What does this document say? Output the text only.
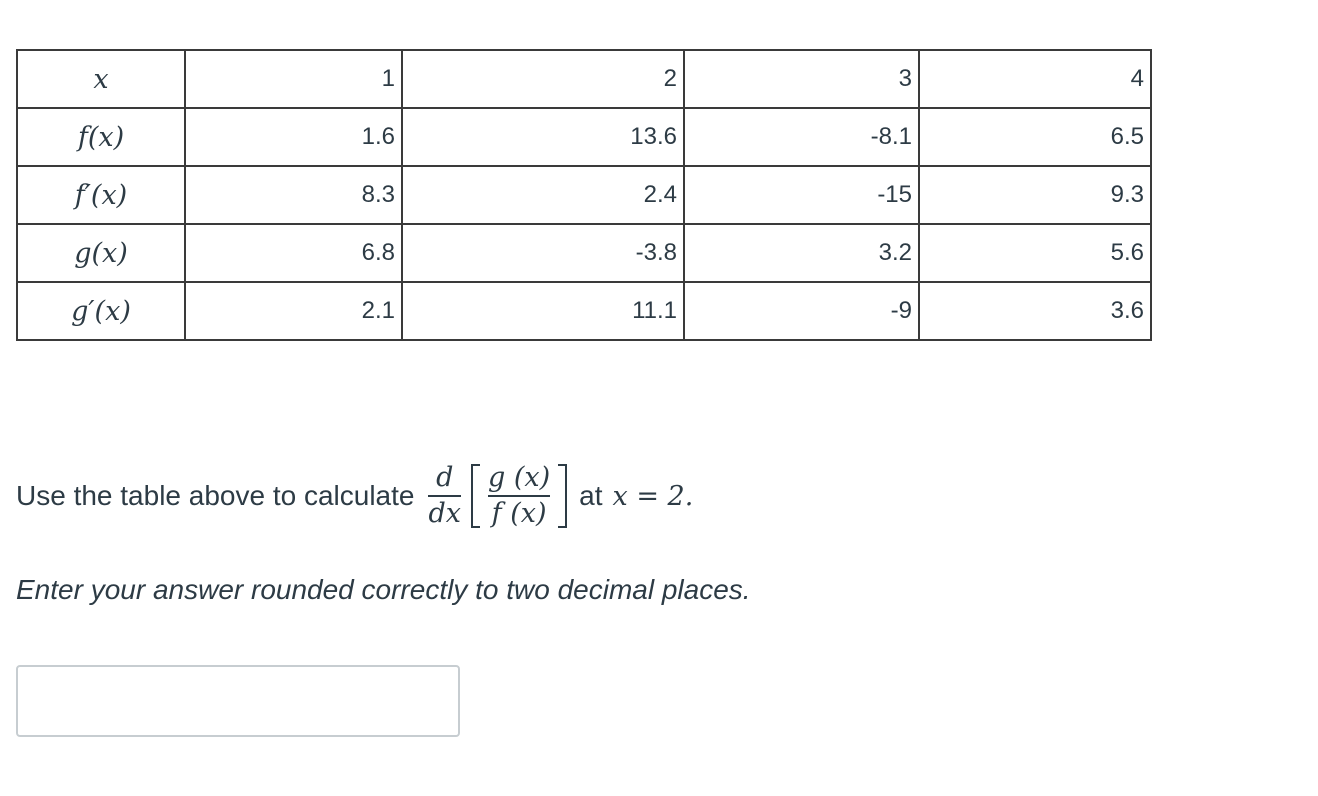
x	1	2	3	4
f(x)	1.6	13.6	-8.1	6.5
f′(x)	8.3	2.4	-15	9.3
g(x)	6.8	-3.8	3.2	5.6
g′(x)	2.1	11.1	-9	3.6
Use the table above to calculate $\frac{d}{dx} \frac{g (x)}{f (x)}$ at x = 2.
Enter your answer rounded correctly to two decimal places.
